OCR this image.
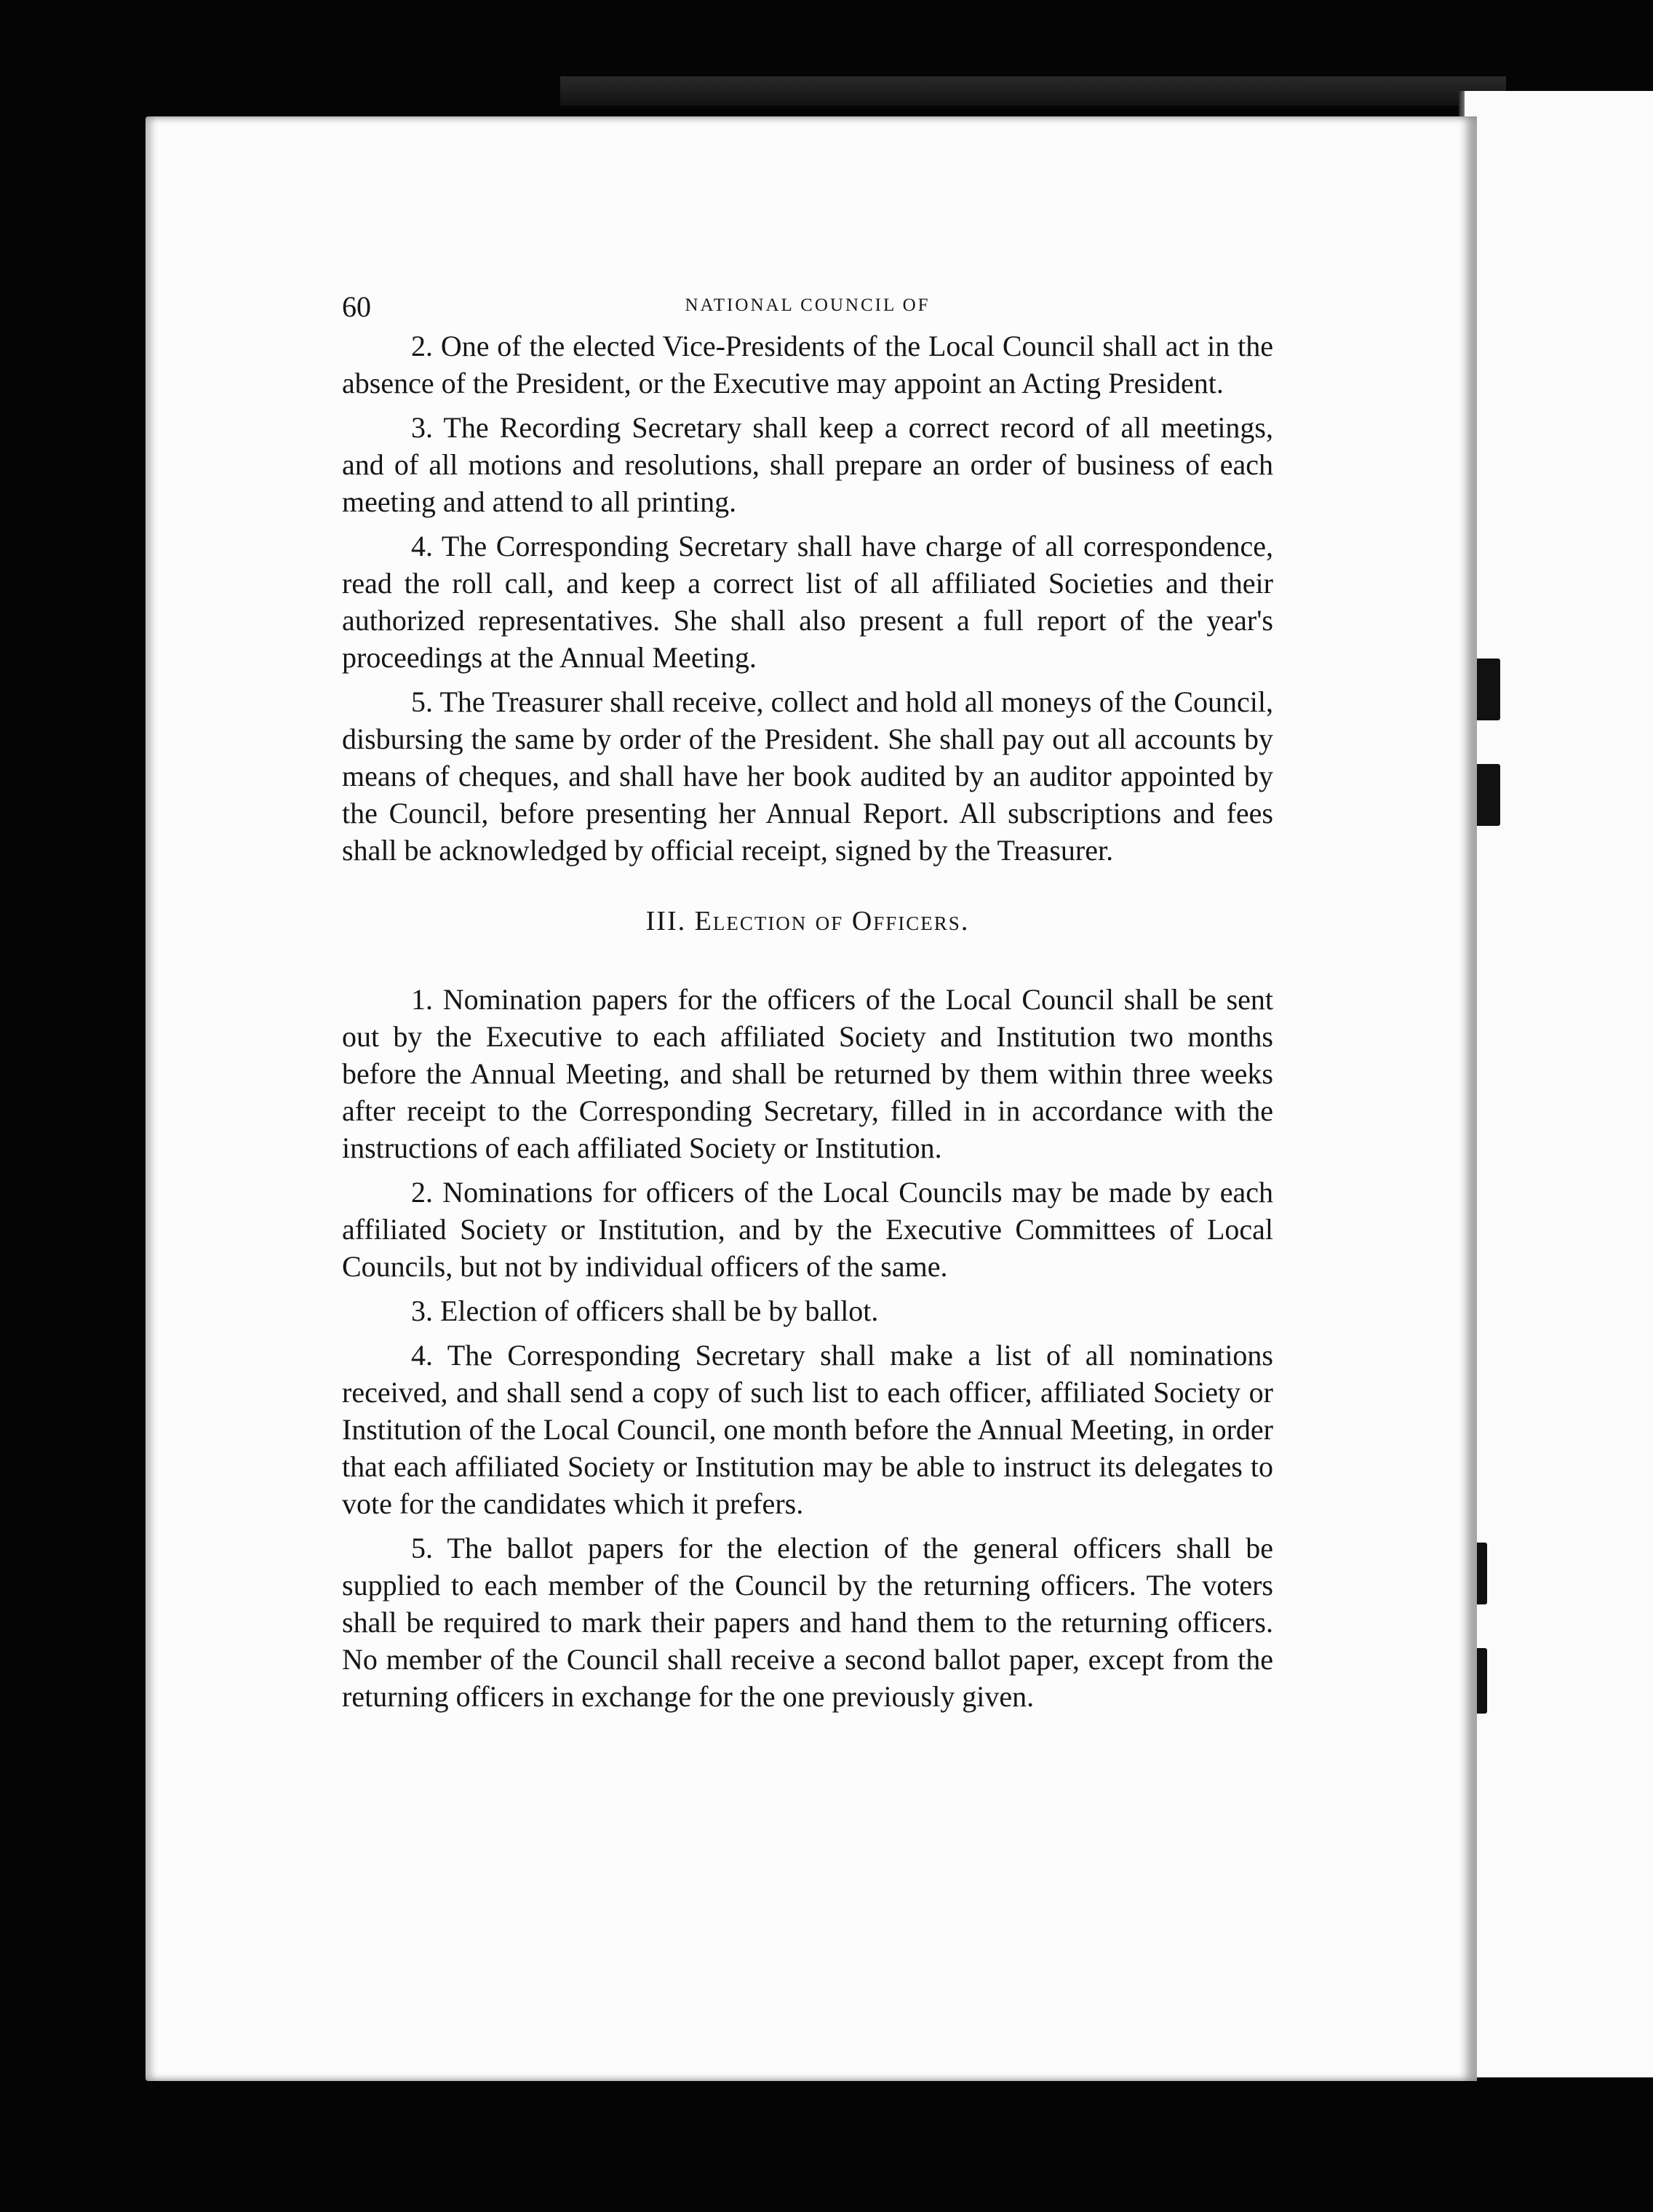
60	NATIONAL COUNCIL OF

2. One of the elected Vice-Presidents of the Local Council shall act in the absence of the President, or the Executive may appoint an Acting President.

3. The Recording Secretary shall keep a correct record of all meetings, and of all motions and resolutions, shall prepare an order of business of each meeting and attend to all printing.

4. The Corresponding Secretary shall have charge of all correspondence, read the roll call, and keep a correct list of all affiliated Societies and their authorized representatives. She shall also present a full report of the year's proceedings at the Annual Meeting.

5. The Treasurer shall receive, collect and hold all moneys of the Council, disbursing the same by order of the President. She shall pay out all accounts by means of cheques, and shall have her book audited by an auditor appointed by the Council, before presenting her Annual Report. All subscriptions and fees shall be acknowledged by official receipt, signed by the Treasurer.

III. Election of Officers.

1. Nomination papers for the officers of the Local Council shall be sent out by the Executive to each affiliated Society and Institution two months before the Annual Meeting, and shall be returned by them within three weeks after receipt to the Corresponding Secretary, filled in in accordance with the instructions of each affiliated Society or Institution.

2. Nominations for officers of the Local Councils may be made by each affiliated Society or Institution, and by the Executive Committees of Local Councils, but not by individual officers of the same.

3. Election of officers shall be by ballot.

4. The Corresponding Secretary shall make a list of all nominations received, and shall send a copy of such list to each officer, affiliated Society or Institution of the Local Council, one month before the Annual Meeting, in order that each affiliated Society or Institution may be able to instruct its delegates to vote for the candidates which it prefers.

5. The ballot papers for the election of the general officers shall be supplied to each member of the Council by the returning officers. The voters shall be required to mark their papers and hand them to the returning officers. No member of the Council shall receive a second ballot paper, except from the returning officers in exchange for the one previously given.
